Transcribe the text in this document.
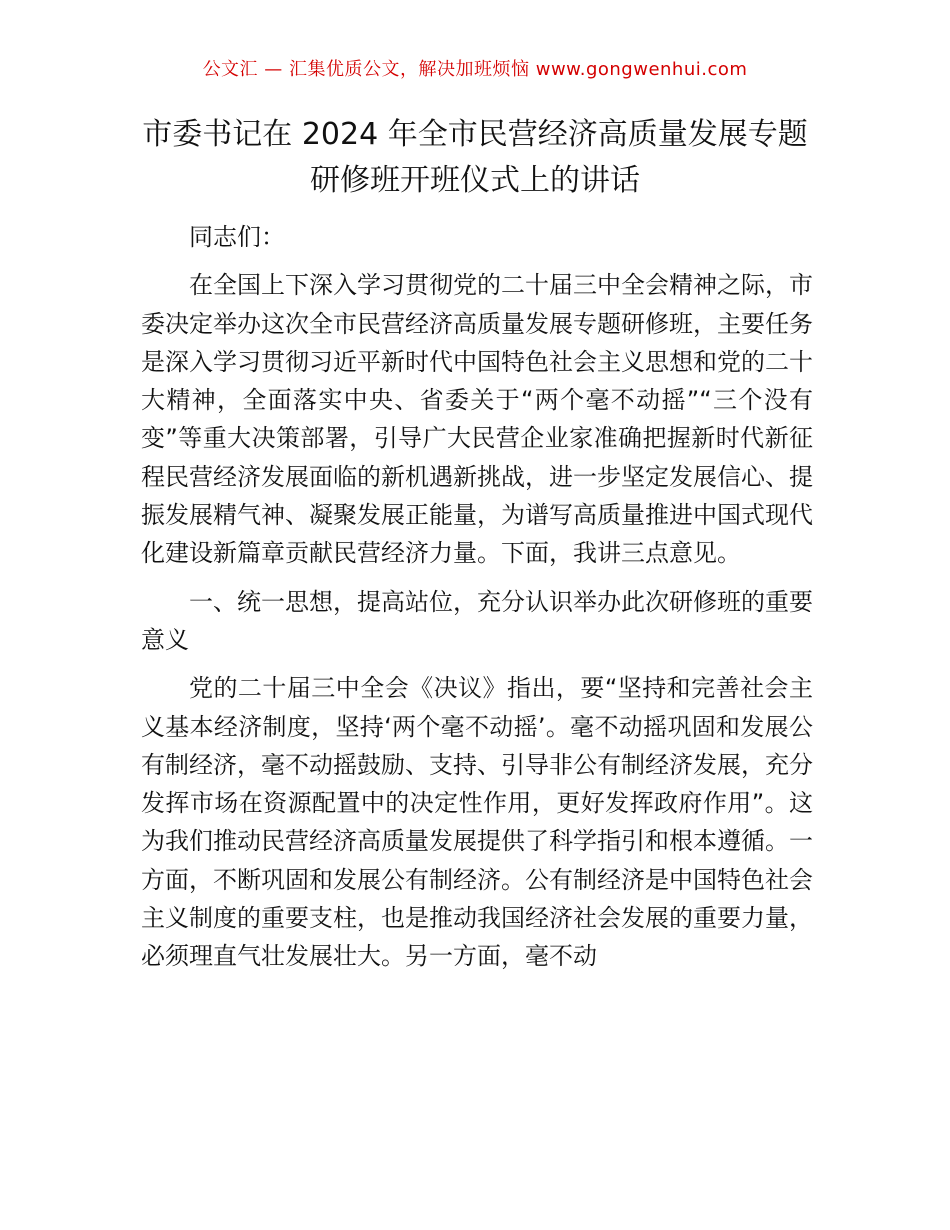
公文汇 — 汇集优质公文，解决加班烦恼 www.gongwenhui.com
市委书记在 2024 年全市民营经济高质量发展专题研修班开班仪式上的讲话

同志们：

在全国上下深入学习贯彻党的二十届三中全会精神之际，市委决定举办这次全市民营经济高质量发展专题研修班，主要任务是深入学习贯彻习近平新时代中国特色社会主义思想和党的二十大精神，全面落实中央、省委关于“两个毫不动摇”“三个没有变”等重大决策部署，引导广大民营企业家准确把握新时代新征程民营经济发展面临的新机遇新挑战，进一步坚定发展信心、提振发展精气神、凝聚发展正能量，为谱写高质量推进中国式现代化建设新篇章贡献民营经济力量。下面，我讲三点意见。

一、统一思想，提高站位，充分认识举办此次研修班的重要意义

党的二十届三中全会《决议》指出，要“坚持和完善社会主义基本经济制度，坚持‘两个毫不动摇’。毫不动摇巩固和发展公有制经济，毫不动摇鼓励、支持、引导非公有制经济发展，充分发挥市场在资源配置中的决定性作用，更好发挥政府作用”。这为我们推动民营经济高质量发展提供了科学指引和根本遵循。一方面，不断巩固和发展公有制经济。公有制经济是中国特色社会主义制度的重要支柱，也是推动我国经济社会发展的重要力量，必须理直气壮发展壮大。另一方面，毫不动
